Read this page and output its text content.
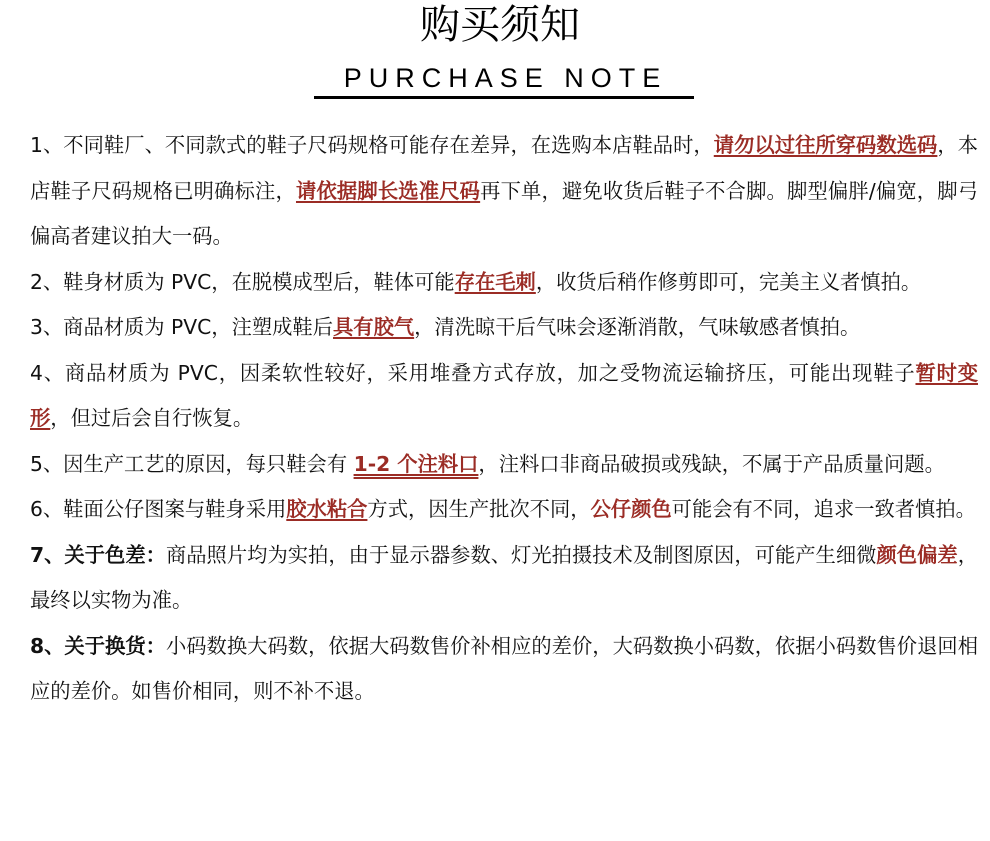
购买须知
PURCHASE NOTE

1、不同鞋厂、不同款式的鞋子尺码规格可能存在差异，在选购本店鞋品时，请勿以过往所穿码数选码，本店鞋子尺码规格已明确标注，请依据脚长选准尺码再下单，避免收货后鞋子不合脚。脚型偏胖/偏宽，脚弓偏高者建议拍大一码。

2、鞋身材质为 PVC，在脱模成型后，鞋体可能存在毛刺，收货后稍作修剪即可，完美主义者慎拍。

3、商品材质为 PVC，注塑成鞋后具有胶气，清洗晾干后气味会逐渐消散，气味敏感者慎拍。

4、商品材质为 PVC，因柔软性较好，采用堆叠方式存放，加之受物流运输挤压，可能出现鞋子暂时变形，但过后会自行恢复。

5、因生产工艺的原因，每只鞋会有 1-2 个注料口，注料口非商品破损或残缺，不属于产品质量问题。

6、鞋面公仔图案与鞋身采用胶水粘合方式，因生产批次不同，公仔颜色可能会有不同，追求一致者慎拍。

7、关于色差：商品照片均为实拍，由于显示器参数、灯光拍摄技术及制图原因，可能产生细微颜色偏差，最终以实物为准。

8、关于换货：小码数换大码数，依据大码数售价补相应的差价，大码数换小码数，依据小码数售价退回相应的差价。如售价相同，则不补不退。
